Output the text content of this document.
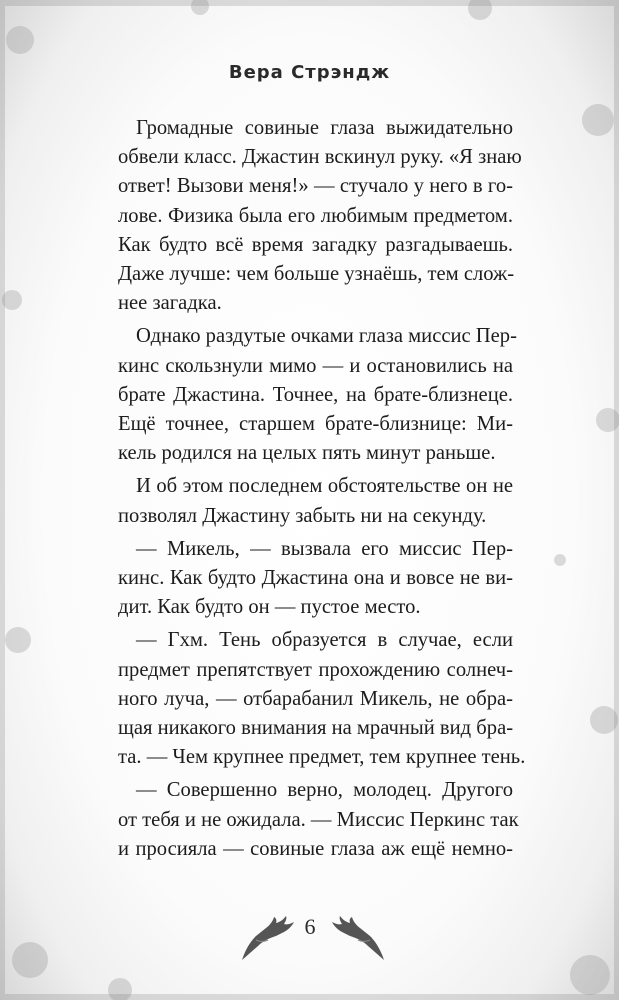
Вера Стрэндж

Громадные совиные глаза выжидательно
обвели класс. Джастин вскинул руку. «Я знаю
ответ! Вызови меня!» — стучало у него в го-
лове. Физика была его любимым предметом.
Как будто всё время загадку разгадываешь.
Даже лучше: чем больше узнаёшь, тем слож-
нее загадка.

Однако раздутые очками глаза миссис Пер-
кинс скользнули мимо — и остановились на
брате Джастина. Точнее, на брате-близнеце.
Ещё точнее, старшем брате-близнице: Ми-
кель родился на целых пять минут раньше.

И об этом последнем обстоятельстве он не
позволял Джастину забыть ни на секунду.

— Микель, — вызвала его миссис Пер-
кинс. Как будто Джастина она и вовсе не ви-
дит. Как будто он — пустое место.

— Гхм. Тень образуется в случае, если
предмет препятствует прохождению солнеч-
ного луча, — отбарабанил Микель, не обра-
щая никакого внимания на мрачный вид бра-
та. — Чем крупнее предмет, тем крупнее тень.

— Совершенно верно, молодец. Другого
от тебя и не ожидала. — Миссис Перкинс так
и просияла — совиные глаза аж ещё немно-

6
